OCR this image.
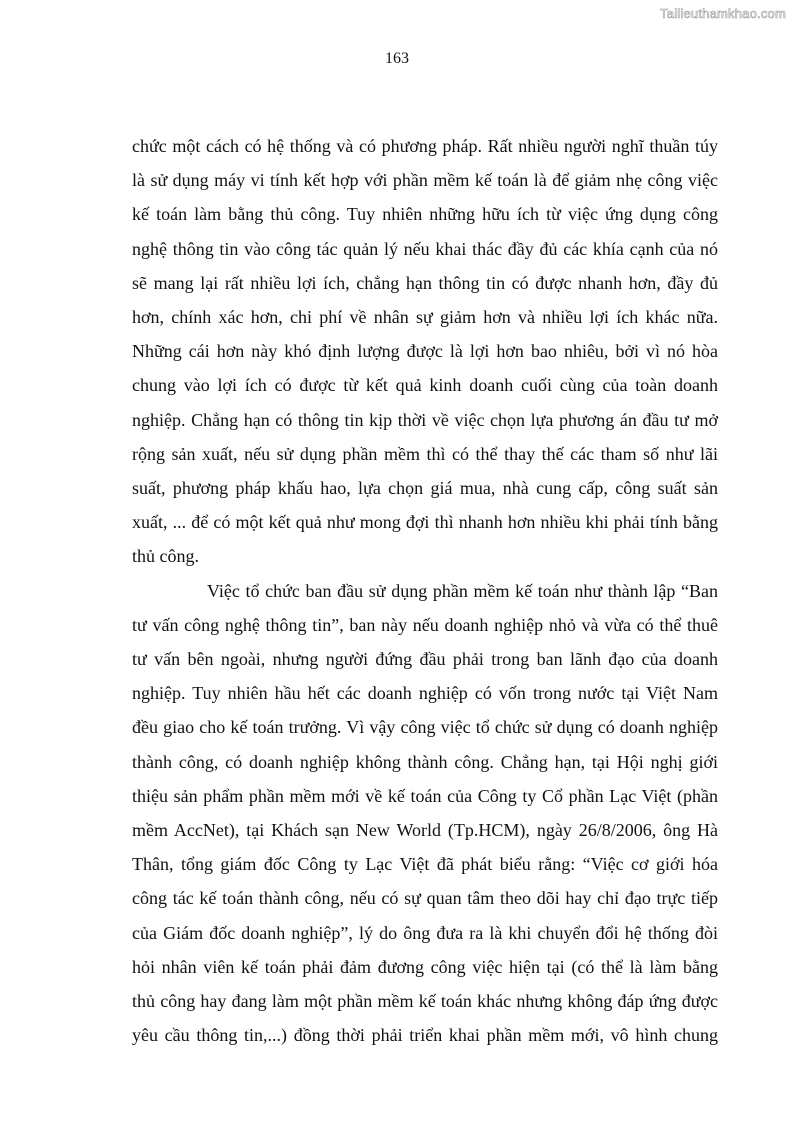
Tailieuthamkhao.com
163

chức một cách có hệ thống và có phương pháp. Rất nhiều người nghĩ thuần túy
là sử dụng máy vi tính kết hợp với phần mềm kế toán là để giảm nhẹ công việc
kế toán làm bằng thủ công. Tuy nhiên những hữu ích từ việc ứng dụng công
nghệ thông tin vào công tác quản lý nếu khai thác đầy đủ các khía cạnh của nó
sẽ mang lại rất nhiều lợi ích, chẳng hạn thông tin có được nhanh hơn, đầy đủ
hơn, chính xác hơn, chi phí về nhân sự giảm hơn và nhiều lợi ích khác nữa.
Những cái hơn này khó định lượng được là lợi hơn bao nhiêu, bởi vì nó hòa
chung vào lợi ích có được từ kết quả kinh doanh cuối cùng của toàn doanh
nghiệp. Chẳng hạn có thông tin kịp thời về việc chọn lựa phương án đầu tư mở
rộng sản xuất, nếu sử dụng phần mềm thì có thể thay thế các tham số như lãi
suất, phương pháp khấu hao, lựa chọn giá mua, nhà cung cấp, công suất sản
xuất, ... để có một kết quả như mong đợi thì nhanh hơn nhiều khi phải tính bằng
thủ công.

Việc tổ chức ban đầu sử dụng phần mềm kế toán như thành lập “Ban
tư vấn công nghệ thông tin”, ban này nếu doanh nghiệp nhỏ và vừa có thể thuê
tư vấn bên ngoài, nhưng người đứng đầu phải trong ban lãnh đạo của doanh
nghiệp. Tuy nhiên hầu hết các doanh nghiệp có vốn trong nước tại Việt Nam
đều giao cho kế toán trưởng. Vì vậy công việc tổ chức sử dụng có doanh nghiệp
thành công, có doanh nghiệp không thành công. Chẳng hạn, tại Hội nghị giới
thiệu sản phẩm phần mềm mới về kế toán của Công ty Cổ phần Lạc Việt (phần
mềm AccNet), tại Khách sạn New World (Tp.HCM), ngày 26/8/2006, ông Hà
Thân, tổng giám đốc Công ty Lạc Việt đã phát biểu rằng: “Việc cơ giới hóa
công tác kế toán thành công, nếu có sự quan tâm theo dõi hay chỉ đạo trực tiếp
của Giám đốc doanh nghiệp”, lý do ông đưa ra là khi chuyển đổi hệ thống đòi
hỏi nhân viên kế toán phải đảm đương công việc hiện tại (có thể là làm bằng
thủ công hay đang làm một phần mềm kế toán khác nhưng không đáp ứng được
yêu cầu thông tin,...) đồng thời phải triển khai phần mềm mới, vô hình chung
